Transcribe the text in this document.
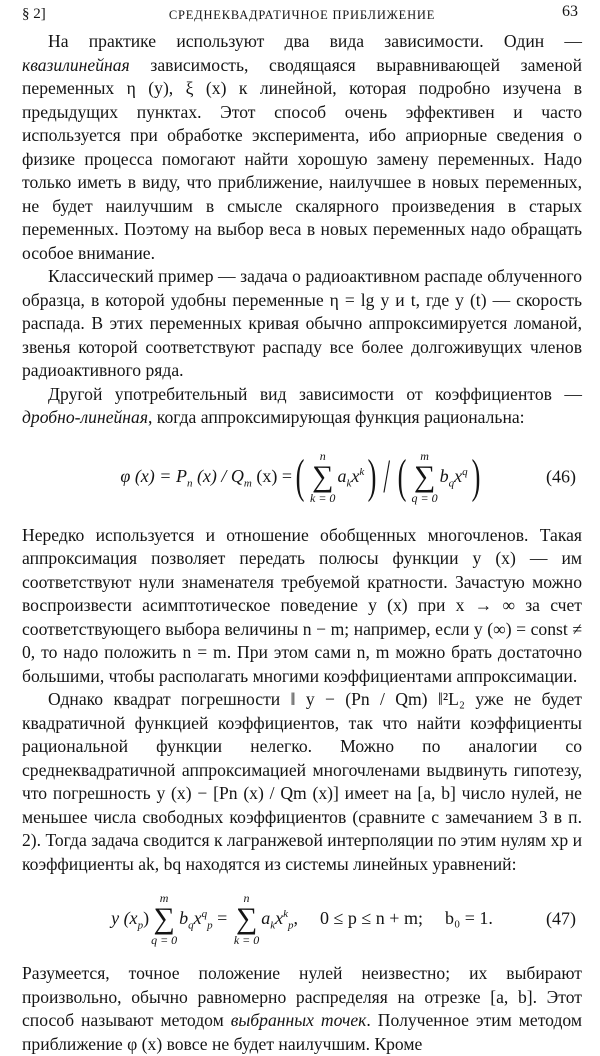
§ 2]	СРЕДНЕКВАДРАТИЧНОЕ ПРИБЛИЖЕНИЕ	63

На практике используют два вида зависимости. Один — квазилинейная зависимость, сводящаяся выравнивающей заменой переменных η (y), ξ (x) к линейной, которая подробно изучена в предыдущих пунктах. Этот способ очень эффективен и часто используется при обработке эксперимента, ибо априорные сведения о физике процесса помогают найти хорошую замену переменных. Надо только иметь в виду, что приближение, наилучшее в новых переменных, не будет наилучшим в смысле скалярного произведения в старых переменных. Поэтому на выбор веса в новых переменных надо обращать особое внимание.

Классический пример — задача о радиоактивном распаде облученного образца, в которой удобны переменные η = lg y и t, где y (t) — скорость распада. В этих переменных кривая обычно аппроксимируется ломаной, звенья которой соответствуют распаду все более долгоживущих членов радиоактивного ряда.

Другой употребительный вид зависимости от коэффициентов — дробно-линейная, когда аппроксимирующая функция рациональна:

φ $(x) = P_n$ $(x) / Q_m$ (x) = ( n
∑
k = 0
$a_kx^k$ ) / ( m
∑
q = 0
$b_qx^q$ )	(46)

Нередко используется и отношение обобщенных многочленов. Такая аппроксимация позволяет передать полюсы функции y (x) — им соответствуют нули знаменателя требуемой кратности. Зачастую можно воспроизвести асимптотическое поведение y (x) при x → ∞ за счет соответствующего выбора величины n − m; например, если y (∞) = const ≠ 0, то надо положить n = m. При этом сами n, m можно брать достаточно большими, чтобы располагать многими коэффициентами аппроксимации.

Однако квадрат погрешности ‖ y − (Pn / Qm) ‖²L₂ уже не будет квадратичной функцией коэффициентов, так что найти коэффициенты рациональной функции нелегко. Можно по аналогии со среднеквадратичной аппроксимацией многочленами выдвинуть гипотезу, что погрешность y (x) − [Pn (x) / Qm (x)] имеет на [a, b] число нулей, не меньшее числа свободных коэффициентов (сравните с замечанием 3 в п. 2). Тогда задача сводится к лагранжевой интерполяции по этим нулям xp и коэффициенты ak, bq находятся из системы линейных уравнений:

y $(x_p)$
m
∑
q = 0
$b_qx^q_p$
=

n
∑
k = 0
$a_kx^k_p$, 0 ≤ p ≤ n + m; b₀ = 1.	(47)

Разумеется, точное положение нулей неизвестно; их выбирают произвольно, обычно равномерно распределяя на отрезке [a, b]. Этот способ называют методом выбранных точек. Полученное этим методом приближение φ (x) вовсе не будет наилучшим. Кроме
